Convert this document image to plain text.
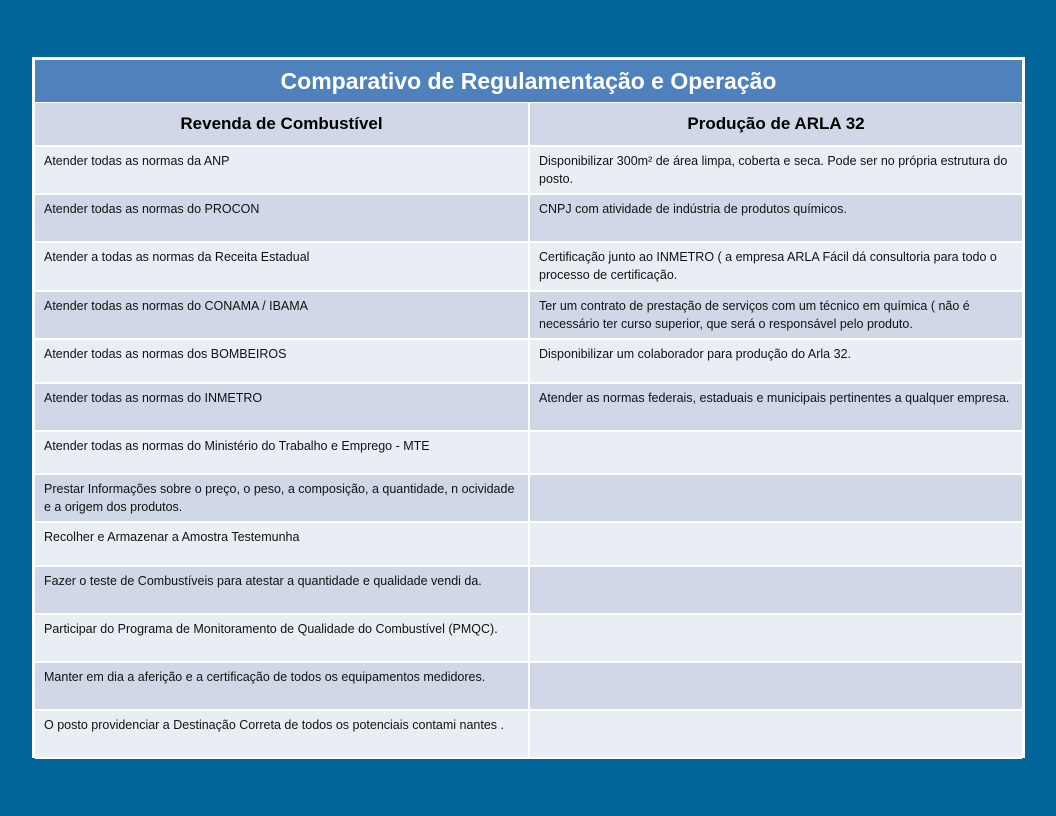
Comparativo de Regulamentação e Operação
Revenda de Combustível	Produção de ARLA 32
Atender todas as normas da ANP	Disponibilizar 300m² de área limpa, coberta e seca. Pode ser no própria estrutura do posto.
Atender todas as normas do PROCON	CNPJ com atividade de indústria de produtos químicos.
Atender a todas as normas da Receita Estadual	Certificação junto ao INMETRO ( a empresa ARLA Fácil dá consultoria para todo o processo de certificação.
Atender todas as normas do CONAMA / IBAMA	Ter um contrato de prestação de serviços com um técnico em química ( não é necessário ter curso superior, que será o responsável pelo produto.
Atender todas as normas dos BOMBEIROS	Disponibilizar um colaborador para produção do Arla 32.
Atender todas as normas do INMETRO	Atender as normas federais, estaduais e municipais pertinentes a qualquer empresa.
Atender todas as normas do Ministério do Trabalho e Emprego - MTE	
Prestar Informações sobre o preço, o peso, a composição, a quantidade, n ocividade e a origem dos produtos.	
Recolher e Armazenar a Amostra Testemunha	
Fazer o teste de Combustíveis para atestar a quantidade e qualidade vendi da.	
Participar do Programa de Monitoramento de Qualidade do Combustível (PMQC).	
Manter em dia a aferição e a certificação de todos os equipamentos medidores.	
O posto providenciar a Destinação Correta de todos os potenciais contami nantes .	
